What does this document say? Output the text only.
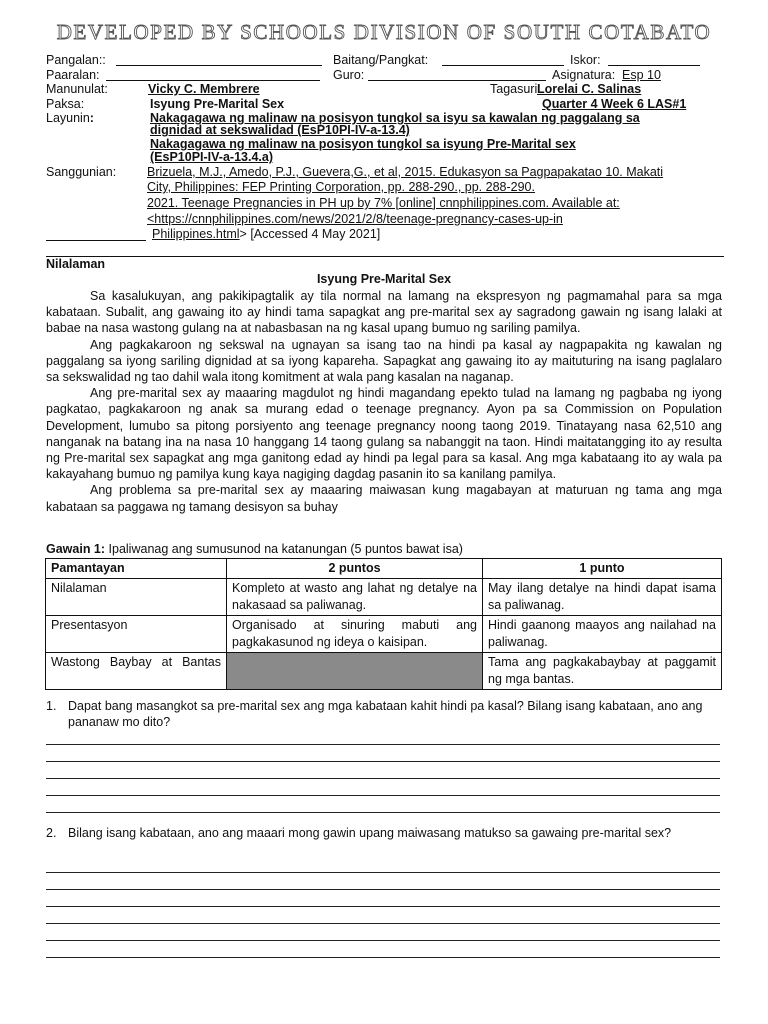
DEVELOPED BY SCHOOLS DIVISION OF SOUTH COTABATO
Pangalan::	Baitang/Pangkat:	Iskor:
Paaralan:	Guro:	Asignatura: Esp 10
Manunulat:	Vicky C. Membrere	Tagasuri:
Lorelai C. Salinas
Paksa:	Isyung Pre-Marital Sex	Quarter 4 Week 6 LAS#1
Layunin:	Nakagagawa ng malinaw na posisyon tungkol sa isyu sa kawalan ng paggalang sa
dignidad at sekswalidad (EsP10PI-IV-a-13.4)
Nakagagawa ng malinaw na posisyon tungkol sa isyung Pre-Marital sex
(EsP10PI-IV-a-13.4.a)
Sanggunian: Brizuela, M.J., Amedo, P.J., Guevera,G., et al, 2015. Edukasyon sa Pagpapakatao 10. Makati
City, Philippines: FEP Printing Corporation, pp. 288-290., pp. 288-290.
2021. Teenage Pregnancies in PH up by 7% [online] cnnphilippines.com. Available at:
<https://cnnphilippines.com/news/2021/2/8/teenage-pregnancy-cases-up-in
Philippines.html> [Accessed 4 May 2021]
Nilalaman
Isyung Pre-Marital Sex

Sa kasalukuyan, ang pakikipagtalik ay tila normal na lamang na ekspresyon ng pagmamahal para sa mga kabataan. Subalit, ang gawaing ito ay hindi tama sapagkat ang pre-marital sex ay sagradong gawain ng isang lalaki at babae na nasa wastong gulang na at nabasbasan na ng kasal upang bumuo ng sariling pamilya.

Ang pagkakaroon ng sekswal na ugnayan sa isang tao na hindi pa kasal ay nagpapakita ng kawalan ng paggalang sa iyong sariling dignidad at sa iyong kapareha. Sapagkat ang gawaing ito ay maituturing na isang paglalaro sa sekswalidad ng tao dahil wala itong komitment at wala pang kasalan na naganap.

Ang pre-marital sex ay maaaring magdulot ng hindi magandang epekto tulad na lamang ng pagbaba ng iyong pagkatao, pagkakaroon ng anak sa murang edad o teenage pregnancy. Ayon pa sa Commission on Population Development, lumubo sa pitong porsiyento ang teenage pregnancy noong taong 2019. Tinatayang nasa 62,510 ang nanganak na batang ina na nasa 10 hanggang 14 taong gulang sa nabanggit na taon. Hindi maitatangging ito ay resulta ng Pre-marital sex sapagkat ang mga ganitong edad ay hindi pa legal para sa kasal. Ang mga kabataang ito ay wala pa kakayahang bumuo ng pamilya kung kaya nagiging dagdag pasanin ito sa kanilang pamilya.

Ang problema sa pre-marital sex ay maaaring maiwasan kung magabayan at maturuan ng tama ang mga kabataan sa paggawa ng tamang desisyon sa buhay

Gawain 1: Ipaliwanag ang sumusunod na katanungan (5 puntos bawat isa)
Pamantayan	2 puntos	1 punto
Nilalaman	Kompleto at wasto ang lahat ng detalye na nakasaad sa paliwanag.	May ilang detalye na hindi dapat isama sa paliwanag.
Presentasyon	Organisado at sinuring mabuti ang pagkakasunod ng ideya o kaisipan.	Hindi gaanong maayos ang nailahad na paliwanag.
Wastong Baybay at Bantas		Tama ang pagkakabaybay at paggamit ng mga bantas.
1. Dapat bang masangkot sa pre-marital sex ang mga kabataan kahit hindi pa kasal? Bilang isang kabataan, ano ang pananaw mo dito?
2. Bilang isang kabataan, ano ang maaari mong gawin upang maiwasang matukso sa gawaing pre-marital sex?
